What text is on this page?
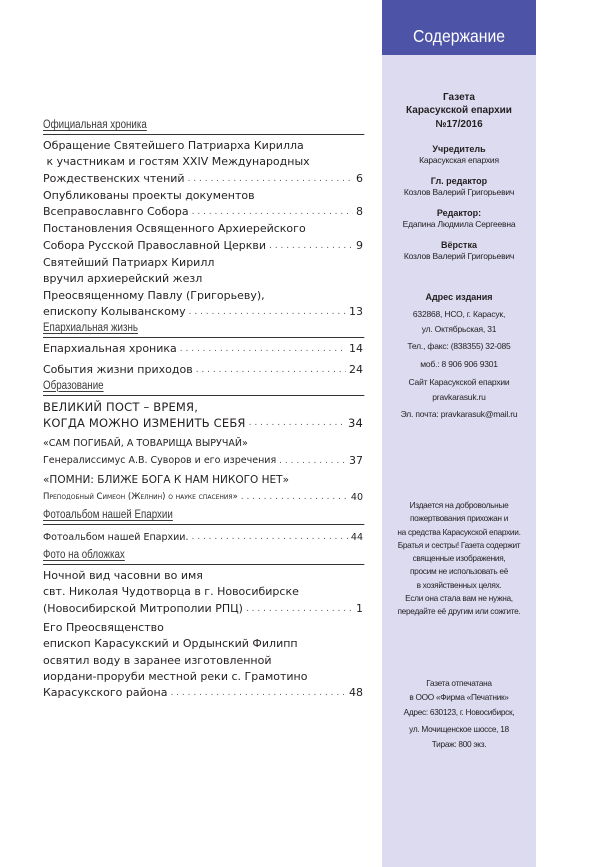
Официальная хроника
Обращение Святейшего Патриарха Кирилла
к участникам и гостям XXIV Международных
Рождественских чтений . . .	6
Опубликованы проекты документов
Всеправославнго Собора . . .	8
Постановления Освященного Архиерейского
Собора Русской Православной Церкви . . .	9
Святейший Патриарх Кирилл
вручил архиерейский жезл
Преосвященному Павлу (Григорьеву),
епископу Колыванскому . . .	13
Епархиальная жизнь
Епархиальная хроника . . .	14
События жизни приходов . . .	24
Образование
ВЕЛИКИЙ ПОСТ – ВРЕМЯ,
КОГДА МОЖНО ИЗМЕНИТЬ СЕБЯ . . .	34
«САМ ПОГИБАЙ, А ТОВАРИЩА ВЫРУЧАЙ»
Генералиссимус А.В. Суворов и его изречения . . .	37
«ПОМНИ: БЛИЖЕ БОГА К НАМ НИКОГО НЕТ»
Преподобный Симеон (Желнин) о науке спасения» . . .	40
Фотоальбом нашей Епархии
Фотоальбом нашей Епархии. . . .	44
Фото на обложках
Ночной вид часовни во имя
свт. Николая Чудотворца в г. Новосибирске
(Новосибирской Митрополии РПЦ) . . .	1
Его Преосвященство
епископ Карасукский и Ордынский Филипп
освятил воду в заранее изготовленной
иордани-проруби местной реки с. Грамотино
Карасукского района . . .	48
Содержание
Газета
Карасукской епархии
№17/2016
Учредитель
Карасукская епархия
Гл. редактор
Козлов Валерий Григорьевич
Редактор:
Едапина Людмила Сергеевна
Вёрстка
Козлов Валерий Григорьевич
Адрес издания
632868, НСО, г. Карасук,
ул. Октябрьская, 31
Тел., факс: (838355) 32-085
моб.: 8 906 906 9301
Сайт Карасукской епархии
pravkarasuk.ru
Эл. почта: pravkarasuk@mail.ru
Издается на добровольные
пожертвования прихожан и
на средства Карасукской епархии.
Братья и сестры! Газета содержит
священные изображения,
просим не использовать её
в хозяйственных целях.
Если она стала вам не нужна,
передайте её другим или сожгите.
Газета отпечатана
в ООО «Фирма «Печатник»
Адрес: 630123, г. Новосибирск,
ул. Мочищенское шоссе, 18
Тираж: 800 экз.
